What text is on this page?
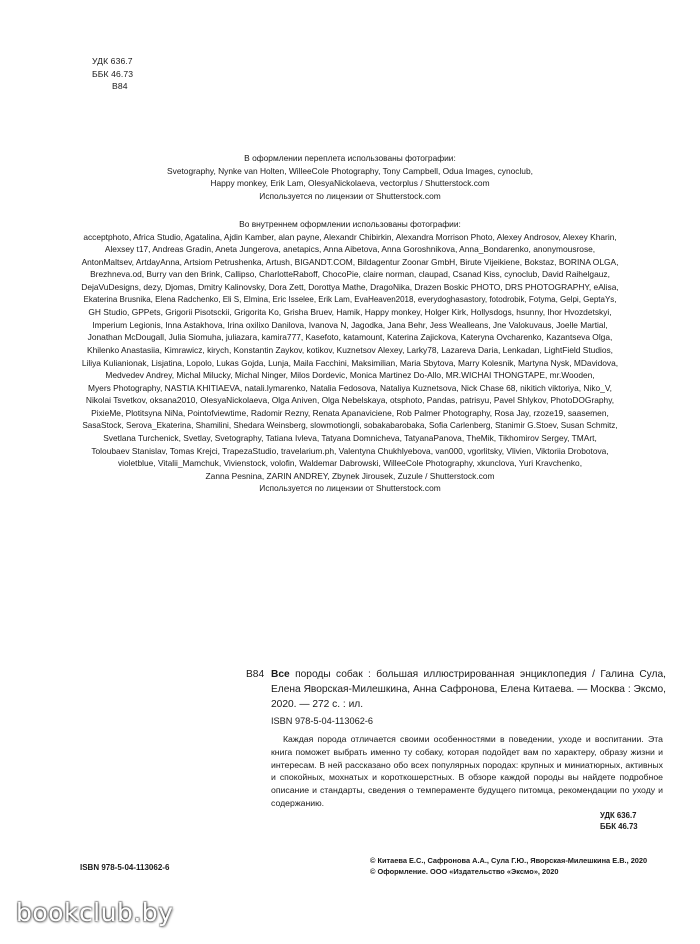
УДК 636.7
ББК 46.73
В84
В оформлении переплета использованы фотографии:
Svetography, Nynke van Holten, WilleeCole Photography, Tony Campbell, Odua Images, cynoclub,
Happy monkey, Erik Lam, OlesyaNickolaeva, vectorplus / Shutterstock.com
Используется по лицензии от Shutterstock.com
Во внутреннем оформлении использованы фотографии:
acceptphoto, Africa Studio, Agatalina, Ajdin Kamber, alan payne, Alexandr Chibirkin, Alexandra Morrison Photo, Alexey Androsov, Alexey Kharin,
Alexsey t17, Andreas Gradin, Aneta Jungerova, anetapics, Anna Aibetova, Anna Goroshnikova, Anna_Bondarenko, anonymousrose,
AntonMaltsev, ArtdayAnna, Artsiom Petrushenka, Artush, BIGANDT.COM, Bildagentur Zoonar GmbH, Birute Vijeikiene, Bokstaz, BORINA OLGA,
Brezhneva.od, Burry van den Brink, Callipso, CharlotteRaboff, ChocoPie, claire norman, claupad, Csanad Kiss, cynoclub, David Raihelgauz,
DejaVuDesigns, dezy, Djomas, Dmitry Kalinovsky, Dora Zett, Dorottya Mathe, DragoNika, Drazen Boskic PHOTO, DRS PHOTOGRAPHY, eAlisa,
Ekaterina Brusnika, Elena Radchenko, Eli S, Elmina, Eric Isselee, Erik Lam, EvaHeaven2018, everydoghasastory, fotodrobik, Fotyma, Gelpi, GeptaYs,
GH Studio, GPPets, Grigorii Pisotsckii, Grigorita Ko, Grisha Bruev, Hamik, Happy monkey, Holger Kirk, Hollysdogs, hsunny, Ihor Hvozdetskyi,
Imperium Legionis, Inna Astakhova, Irina oxilixo Danilova, Ivanova N, Jagodka, Jana Behr, Jess Wealleans, Jne Valokuvaus, Joelle Martial,
Jonathan McDougall, Julia Siomuha, juliazara, kamira777, Kasefoto, katamount, Katerina Zajickova, Kateryna Ovcharenko, Kazantseva Olga,
Khilenko Anastasiia, Kimrawicz, kirych, Konstantin Zaykov, kotikov, Kuznetsov Alexey, Larky78, Lazareva Daria, Lenkadan, LightField Studios,
Liliya Kulianionak, Lisjatina, Lopolo, Lukas Gojda, Lunja, Maila Facchini, Maksimilian, Maria Sbytova, Marry Kolesnik, Martyna Nysk, MDavidova,
Medvedev Andrey, Michal Milucky, Michal Ninger, Milos Dordevic, Monica Martinez Do-Allo, MR.WICHAI THONGTAPE, mr.Wooden,
Myers Photography, NASTIA KHITIAEVA, natali.lymarenko, Natalia Fedosova, Nataliya Kuznetsova, Nick Chase 68, nikitich viktoriya, Niko_V,
Nikolai Tsvetkov, oksana2010, OlesyaNickolaeva, Olga Aniven, Olga Nebelskaya, otsphoto, Pandas, patrisyu, Pavel Shlykov, PhotoDOGraphy,
PixieMe, Plotitsyna NiNa, Pointofviewtime, Radomir Rezny, Renata Apanaviciene, Rob Palmer Photography, Rosa Jay, rzoze19, saasemen,
SasaStock, Serova_Ekaterina, Shamilini, Shedara Weinsberg, slowmotiongli, sobakabarobaka, Sofia Carlenberg, Stanimir G.Stoev, Susan Schmitz,
Svetlana Turchenick, Svetlay, Svetography, Tatiana Ivleva, Tatyana Domnicheva, TatyanaPanova, TheMik, Tikhomirov Sergey, TMArt,
Toloubaev Stanislav, Tomas Krejci, TrapezaStudio, travelarium.ph, Valentyna Chukhlyebova, van000, vgorlitsky, Vlivien, Viktoriia Drobotova,
violetblue, Vitalii_Mamchuk, Vivienstock, volofin, Waldemar Dabrowski, WilleeCole Photography, xkunclova, Yuri Kravchenko,
Zanna Pesnina, ZARIN ANDREY, Zbynek Jirousek, Zuzule / Shutterstock.com
Используется по лицензии от Shutterstock.com
В84 Все породы собак : большая иллюстрированная энциклопедия / Галина Сула, Елена Яворская-Милешкина, Анна Сафронова, Елена Китаева. — Москва : Эксмо, 2020. — 272 с. : ил.
ISBN 978-5-04-113062-6
Каждая порода отличается своими особенностями в поведении, уходе и воспитании. Эта книга поможет выбрать именно ту собаку, которая подойдет вам по характеру, образу жизни и интересам. В ней рассказано обо всех популярных породах: крупных и миниатюрных, активных и спокойных, мохнатых и короткошерстных. В обзоре каждой породы вы найдете подробное описание и стандарты, сведения о темпераменте будущего питомца, рекомендации по уходу и содержанию.
УДК 636.7
ББК 46.73
ISBN 978-5-04-113062-6
© Китаева Е.С., Сафронова А.А., Сула Г.Ю., Яворская-Милешкина Е.В., 2020
© Оформление. ООО «Издательство «Эксмо», 2020
bookclub.by
